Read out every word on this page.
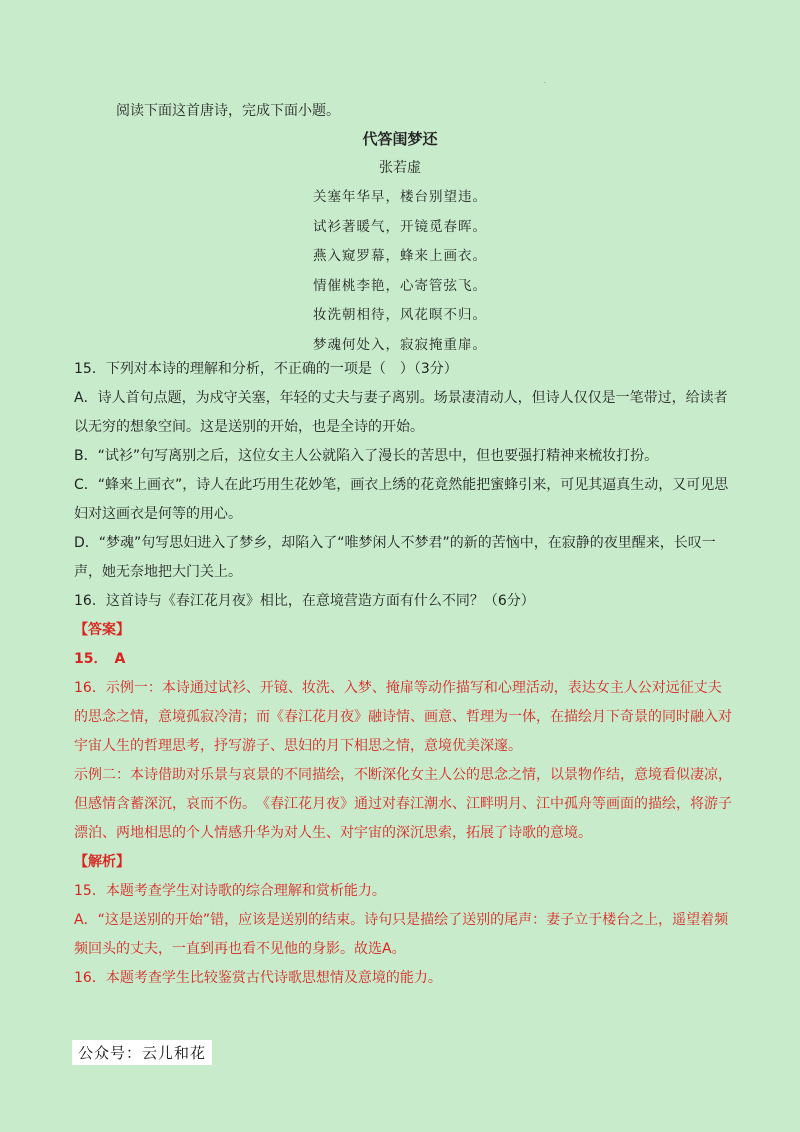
·
阅读下面这首唐诗，完成下面小题。
代答闺梦还
张若虚
关塞年华早，楼台别望违。
试衫著暖气，开镜觅春晖。
燕入窥罗幕，蜂来上画衣。
情催桃李艳，心寄管弦飞。
妆洗朝相待，风花暝不归。
梦魂何处入，寂寂掩重扉。

15．下列对本诗的理解和分析，不正确的一项是（　）（3分）

A．诗人首句点题，为戍守关塞，年轻的丈夫与妻子离别。场景凄清动人，但诗人仅仅是一笔带过，给读者以无穷的想象空间。这是送别的开始，也是全诗的开始。

B．“试衫”句写离别之后，这位女主人公就陷入了漫长的苦思中，但也要强打精神来梳妆打扮。

C．“蜂来上画衣”，诗人在此巧用生花妙笔，画衣上绣的花竟然能把蜜蜂引来，可见其逼真生动，又可见思妇对这画衣是何等的用心。

D．“梦魂”句写思妇进入了梦乡，却陷入了“唯梦闲人不梦君”的新的苦恼中，在寂静的夜里醒来，长叹一声，她无奈地把大门关上。

16．这首诗与《春江花月夜》相比，在意境营造方面有什么不同？（6分）

【答案】

15．　A

16．示例一：本诗通过试衫、开镜、妆洗、入梦、掩扉等动作描写和心理活动，表达女主人公对远征丈夫的思念之情，意境孤寂冷清；而《春江花月夜》融诗情、画意、哲理为一体，在描绘月下奇景的同时融入对宇宙人生的哲理思考，抒写游子、思妇的月下相思之情，意境优美深邃。

示例二：本诗借助对乐景与哀景的不同描绘，不断深化女主人公的思念之情，以景物作结，意境看似凄凉，但感情含蓄深沉，哀而不伤。　《春江花月夜》通过对春江潮水、江畔明月、江中孤舟等画面的描绘，将游子漂泊、两地相思的个人情感升华为对人生、对宇宙的深沉思索，拓展了诗歌的意境。

【解析】

15．本题考查学生对诗歌的综合理解和赏析能力。

A．“这是送别的开始”错，应该是送别的结束。诗句只是描绘了送别的尾声：妻子立于楼台之上，遥望着频频回头的丈夫，一直到再也看不见他的身影。故选A。

16．本题考查学生比较鉴赏古代诗歌思想情及意境的能力。

公众号：云儿和花
